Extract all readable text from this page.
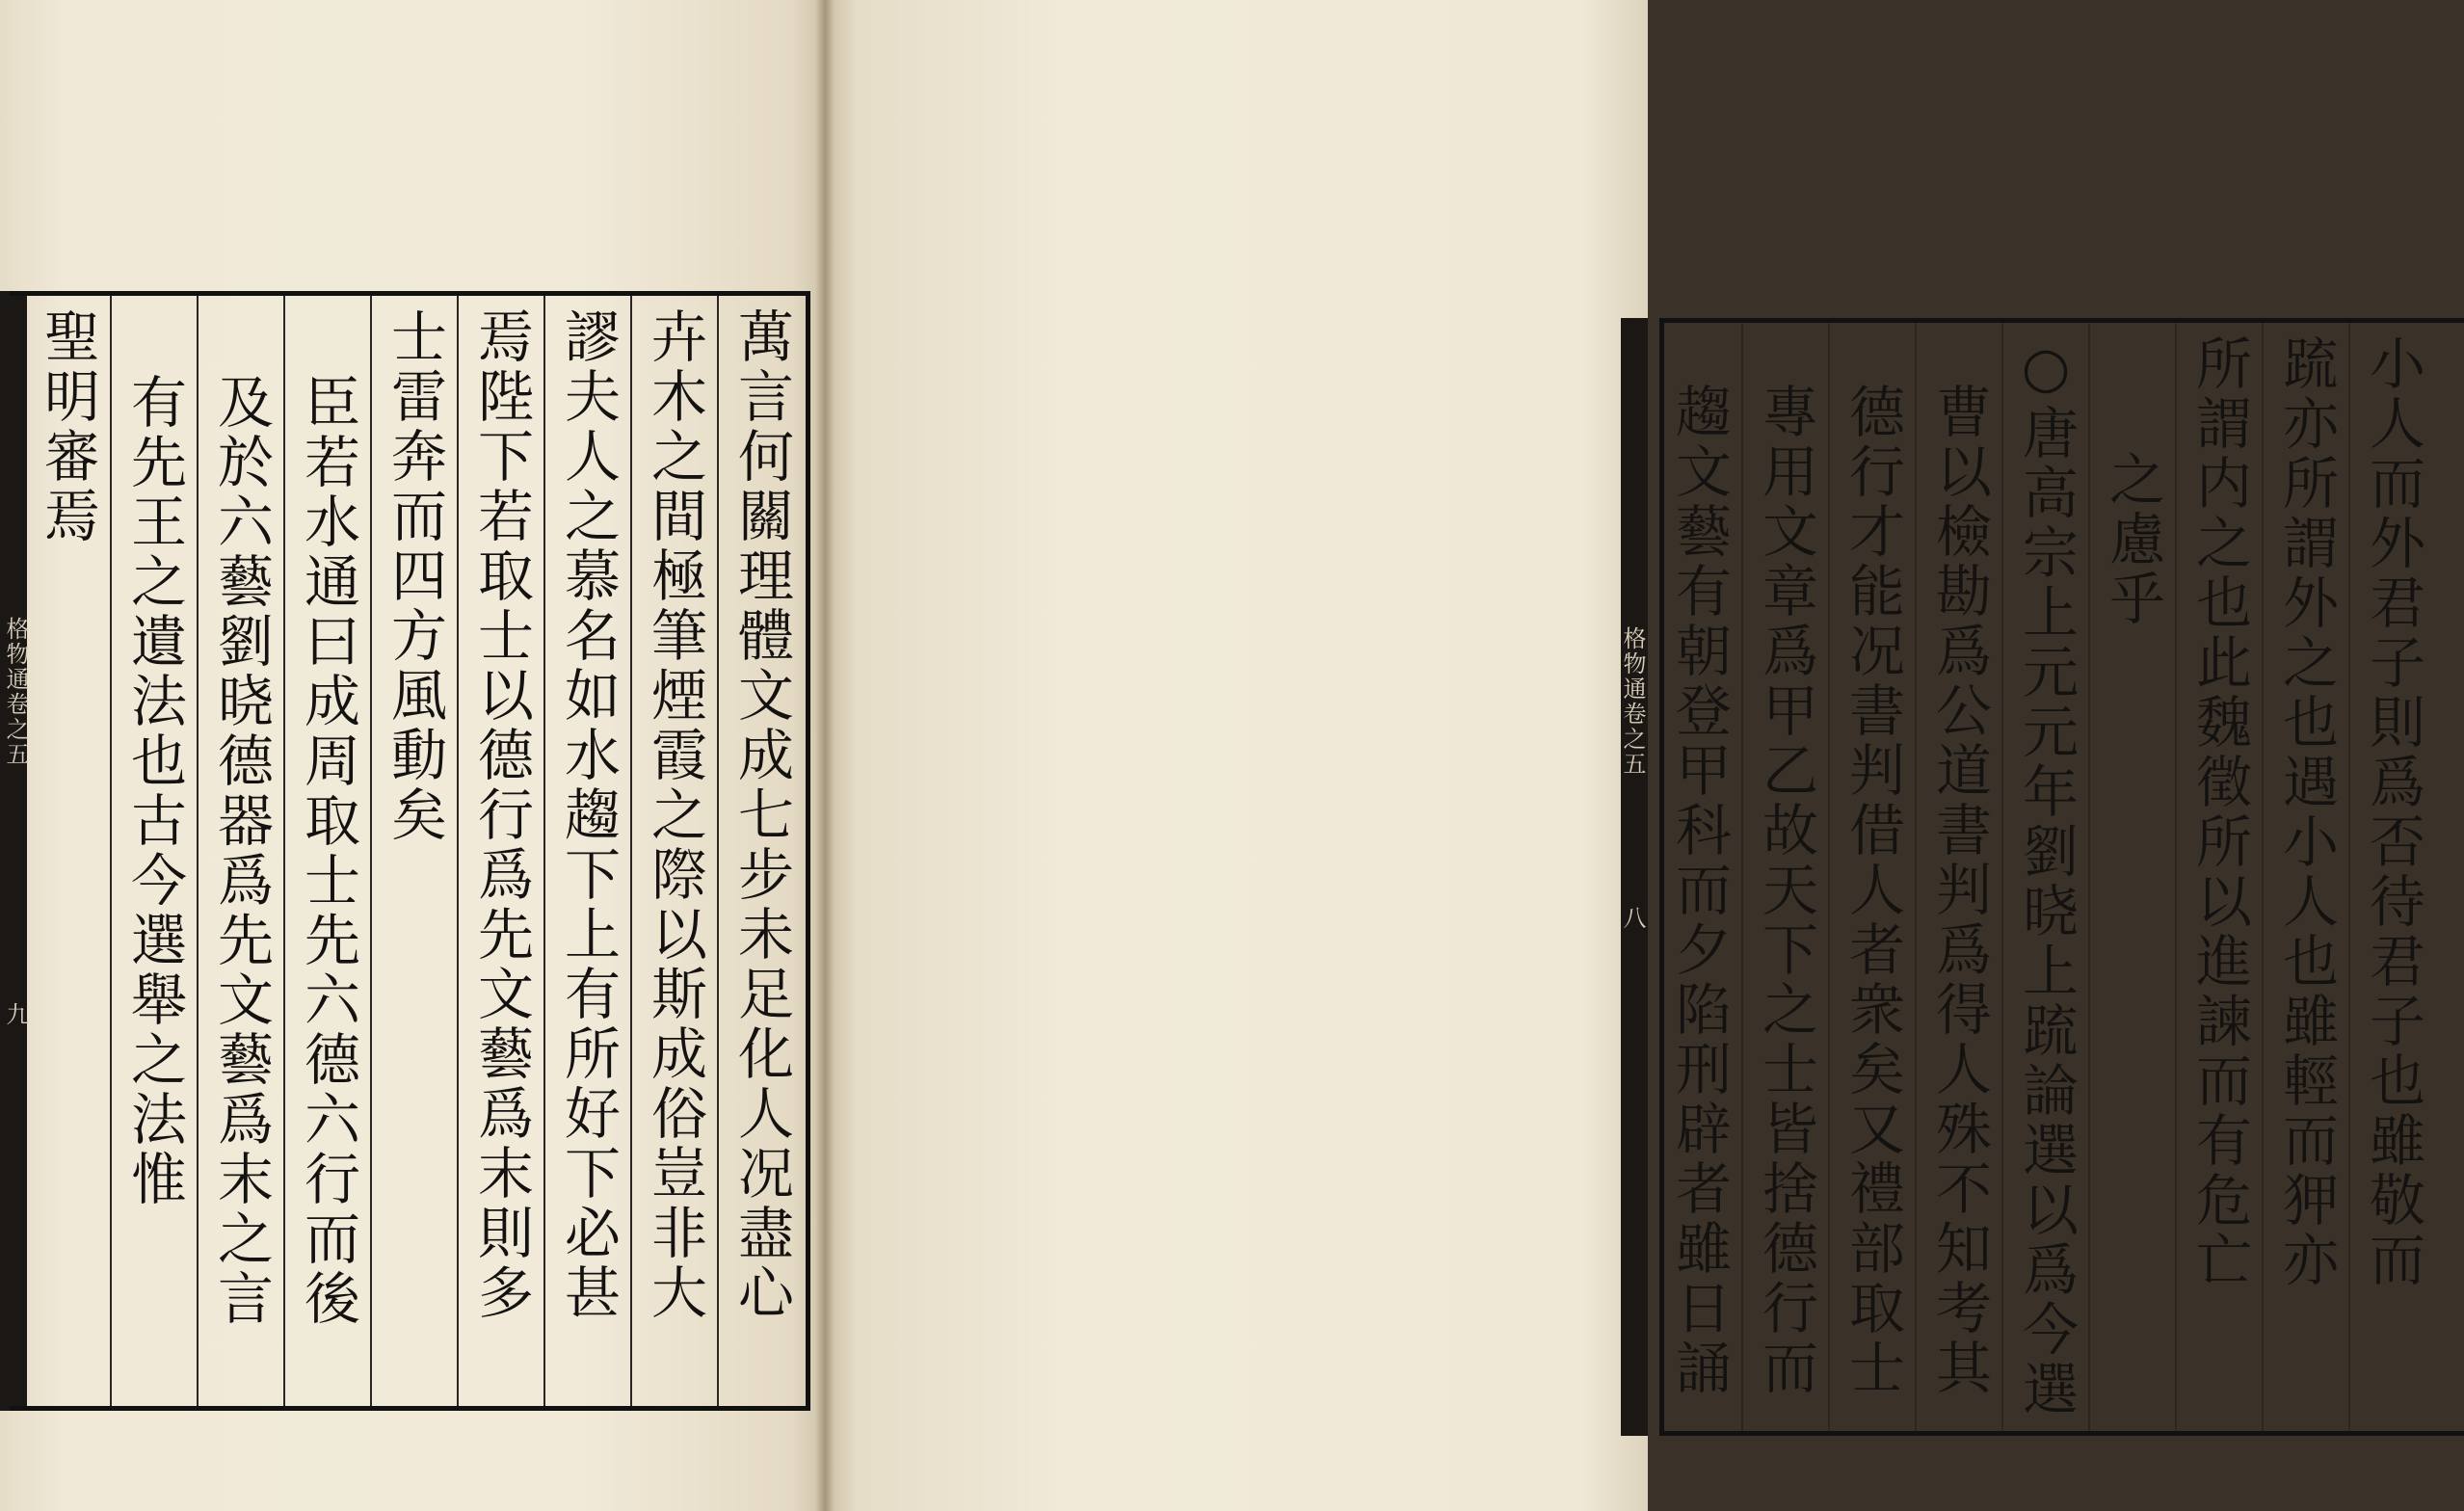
格物通卷之五
九	萬言何關理體文成七步未足化人况盡心
卉木之間極筆煙霞之際以斯成俗豈非大
謬夫人之慕名如水趨下上有所好下必甚
焉陛下若取士以德行爲先文藝爲末則多
士雷奔而四方風動矣
臣若水通曰成周取士先六德六行而後
及於六藝劉晓德器爲先文藝爲末之言
有先王之遺法也古今選舉之法惟
聖明審焉
格物通卷之五
八	小人而外君子則爲否待君子也雖敬而
䟽亦所謂外之也遇小人也雖輕而狎亦
所謂内之也此魏徵所以進諫而有危亡
之慮乎
○唐高宗上元元年劉晓上䟽論選以爲今選
曹以檢勘爲公道書判爲得人殊不知考其
德行才能况書判借人者衆矣又禮部取士
專用文章爲甲乙故天下之士皆捨德行而
趨文藝有朝登甲科而夕陷刑辟者雖日誦
